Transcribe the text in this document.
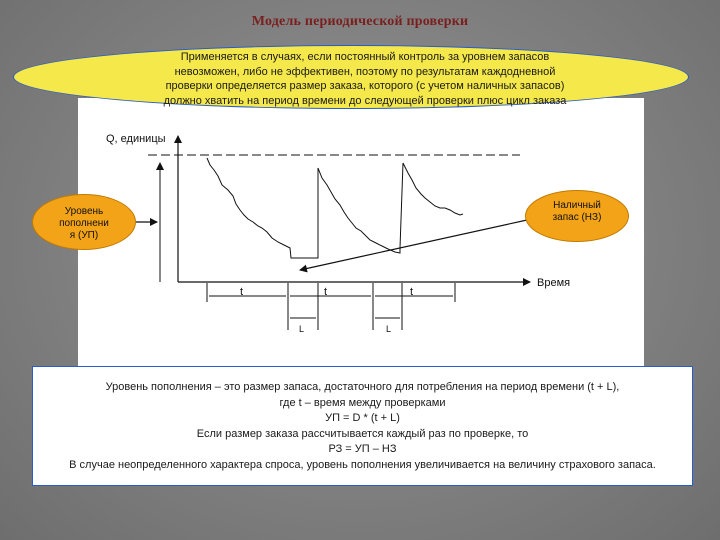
Модель периодической проверки
Применяется в случаях, если постоянный контроль за уровнем запасов
невозможен, либо не эффективен, поэтому по результатам каждодневной
проверки определяется размер заказа, которого (с учетом наличных запасов)
должно хватить на период времени до следующей проверки плюс цикл заказа
Q, единицы
Время
t	t	t
L	L
Уровень
пополнени
я (УП)
Наличный
запас (НЗ)
Уровень пополнения – это размер запаса, достаточного для потребления на период времени (t + L),
где t – время между проверками
УП = D * (t + L)
Если размер заказа рассчитывается каждый раз по проверке, то
РЗ = УП – НЗ
В случае неопределенного характера спроса, уровень пополнения увеличивается на величину страхового запаса.
